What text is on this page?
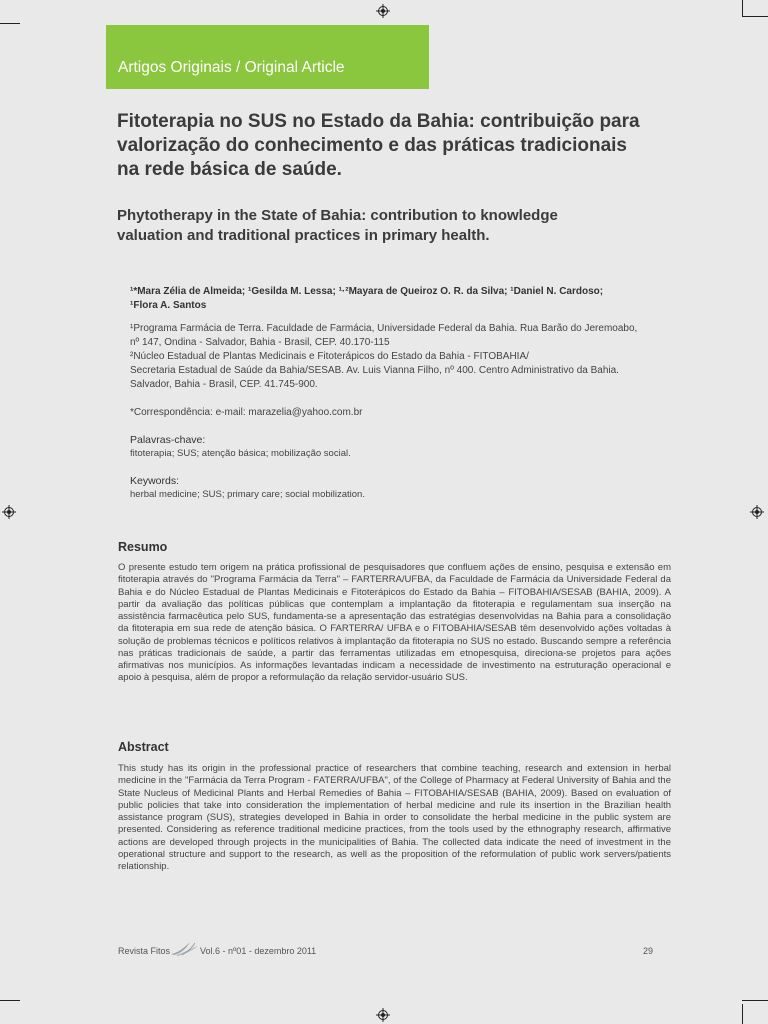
Artigos Originais / Original Article
Fitoterapia no SUS no Estado da Bahia: contribuição para
valorização do conhecimento e das práticas tradicionais
na rede básica de saúde.
Phytotherapy in the State of Bahia: contribution to knowledge
valuation and traditional practices in primary health.
¹*Mara Zélia de Almeida; ¹Gesilda M. Lessa; ¹·²Mayara de Queiroz O. R. da Silva; ¹Daniel N. Cardoso;
¹Flora A. Santos
¹Programa Farmácia de Terra. Faculdade de Farmácia, Universidade Federal da Bahia. Rua Barão do Jeremoabo,
nº 147, Ondina - Salvador, Bahia - Brasil, CEP. 40.170-115
²Núcleo Estadual de Plantas Medicinais e Fitoterápicos do Estado da Bahia - FITOBAHIA/
Secretaria Estadual de Saúde da Bahia/SESAB. Av. Luis Vianna Filho, nº 400. Centro Administrativo da Bahia.
Salvador, Bahia - Brasil, CEP. 41.745-900.
*Correspondência: e-mail: marazelia@yahoo.com.br
Palavras-chave:
fitoterapia; SUS; atenção básica; mobilização social.
Keywords:
herbal medicine; SUS; primary care; social mobilization.
Resumo

O presente estudo tem origem na prática profissional de pesquisadores que confluem ações de ensino, pesquisa e extensão em fitoterapia através do "Programa Farmácia da Terra" – FARTERRA/UFBA, da Faculdade de Farmácia da Universidade Federal da Bahia e do Núcleo Estadual de Plantas Medicinais e Fitoterápicos do Estado da Bahia – FITOBAHIA/SESAB (BAHIA, 2009). A partir da avaliação das políticas públicas que contemplam a implantação da fitoterapia e regulamentam sua inserção na assistência farmacêutica pelo SUS, fundamenta-se a apresentação das estratégias desenvolvidas na Bahia para a consolidação da fitoterapia em sua rede de atenção básica. O FARTERRA/ UFBA e o FITOBAHIA/SESAB têm desenvolvido ações voltadas à solução de problemas técnicos e políticos relativos à implantação da fitoterapia no SUS no estado. Buscando sempre a referência nas práticas tradicionais de saúde, a partir das ferramentas utilizadas em etnopesquisa, direciona-se projetos para ações afirmativas nos municípios. As informações levantadas indicam a necessidade de investimento na estruturação operacional e apoio à pesquisa, além de propor a reformulação da relação servidor-usuário SUS.

Abstract

This study has its origin in the professional practice of researchers that combine teaching, research and extension in herbal medicine in the "Farmácia da Terra Program - FATERRA/UFBA", of the College of Pharmacy at Federal University of Bahia and the State Nucleus of Medicinal Plants and Herbal Remedies of Bahia – FITOBAHIA/SESAB (BAHIA, 2009). Based on evaluation of public policies that take into consideration the implementation of herbal medicine and rule its insertion in the Brazilian health assistance program (SUS), strategies developed in Bahia in order to consolidate the herbal medicine in the public system are presented. Considering as reference traditional medicine practices, from the tools used by the ethnography research, affirmative actions are developed through projects in the municipalities of Bahia. The collected data indicate the need of investment in the operational structure and support to the research, as well as the proposition of the reformulation of public work servers/patients relationship.

Revista Fitos	Vol.6 - nº01 - dezembro 2011	29
